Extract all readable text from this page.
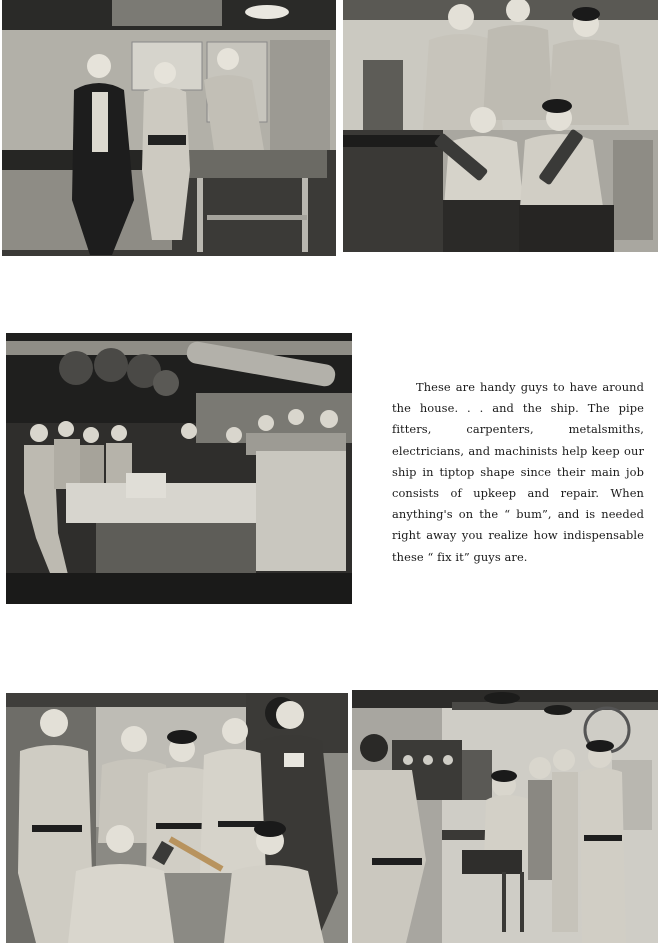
These are handy guys to have around the house. . . and the ship. The pipe fitters, carpenters, metalsmiths, electricians, and machinists help keep our ship in tiptop shape since their main job consists of upkeep and repair. When anything's on the “ bum”, and is needed right away you realize how indispensable these “ fix it” guys are.
